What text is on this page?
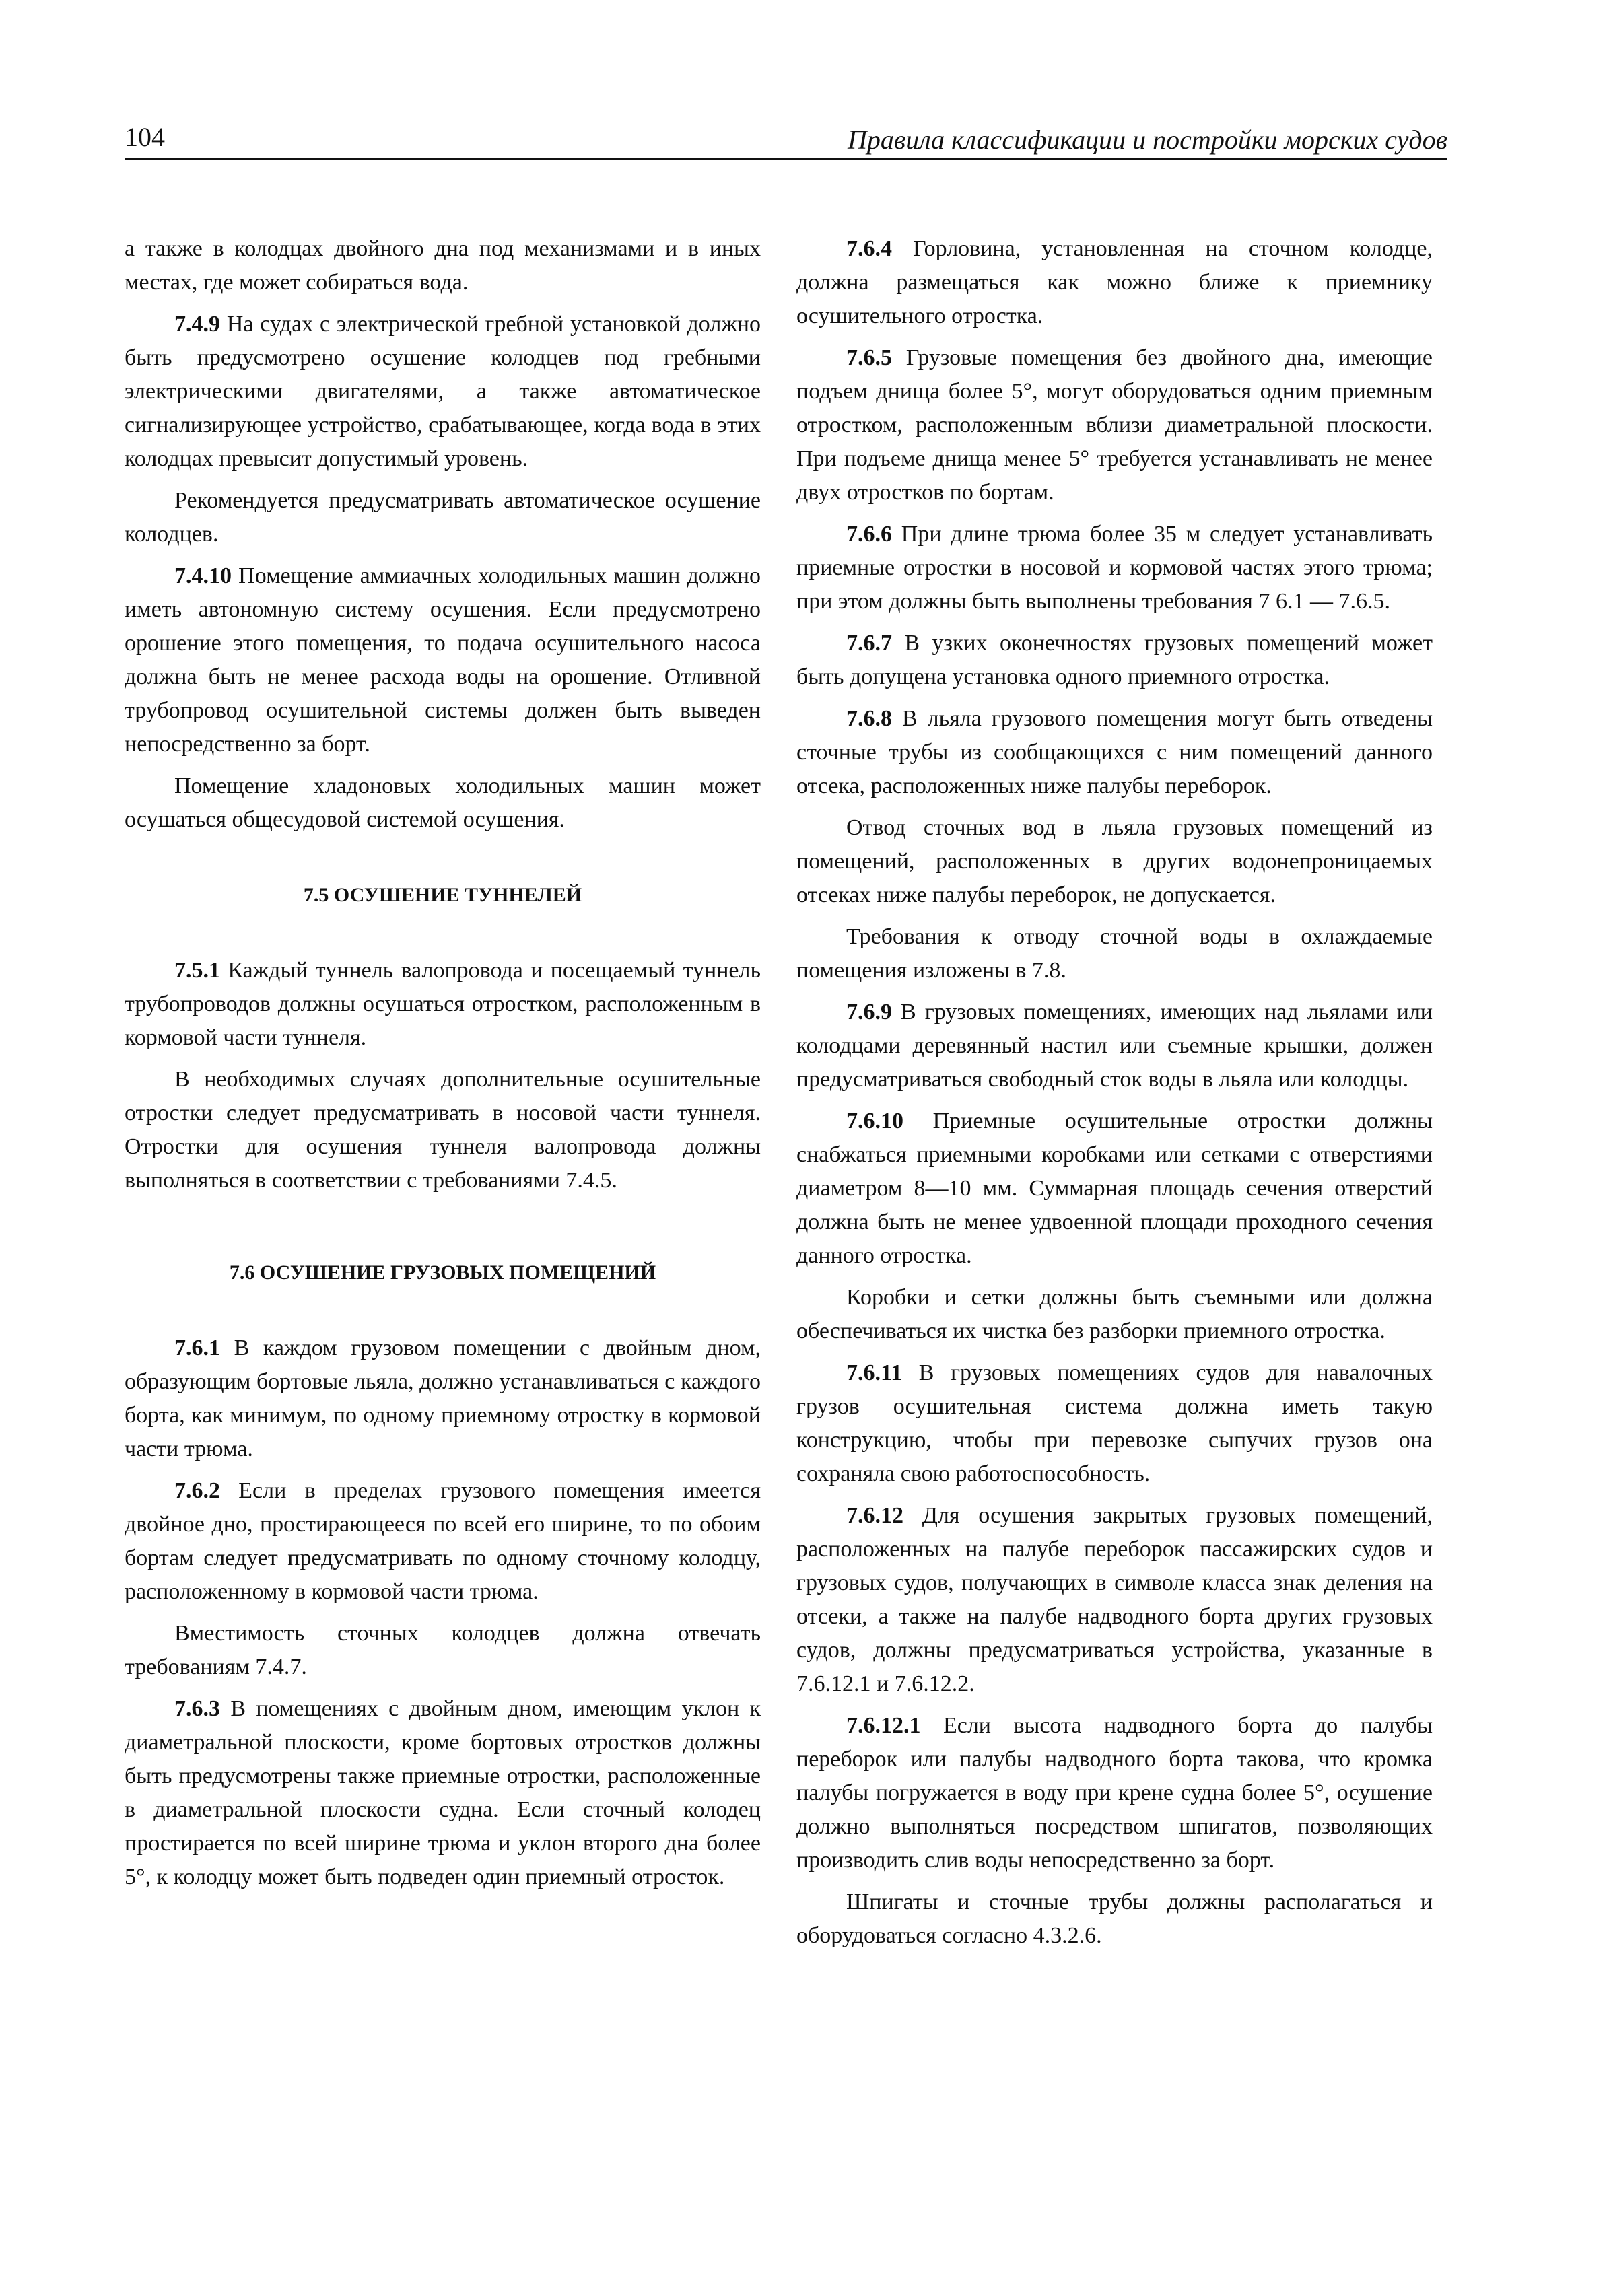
104	Правила классификации и постройки морских судов

а также в колодцах двойного дна под механизмами и в иных местах, где может собираться вода.

7.4.9 На судах с электрической гребной установкой должно быть предусмотрено осушение колодцев под гребными электрическими двигателями, а также автоматическое сигнализирующее устройство, срабатывающее, когда вода в этих колодцах превысит допустимый уровень.

Рекомендуется предусматривать автоматическое осушение колодцев.

7.4.10 Помещение аммиачных холодильных машин должно иметь автономную систему осушения. Если предусмотрено орошение этого помещения, то подача осушительного насоса должна быть не менее расхода воды на орошение. Отливной трубопровод осушительной системы должен быть выведен непосредственно за борт.

Помещение хладоновых холодильных машин может осушаться общесудовой системой осушения.

7.5 ОСУШЕНИЕ ТУННЕЛЕЙ

7.5.1 Каждый туннель валопровода и посещаемый туннель трубопроводов должны осушаться отростком, расположенным в кормовой части туннеля.

В необходимых случаях дополнительные осушительные отростки следует предусматривать в носовой части туннеля. Отростки для осушения туннеля валопровода должны выполняться в соответствии с требованиями 7.4.5.

7.6 ОСУШЕНИЕ ГРУЗОВЫХ ПОМЕЩЕНИЙ

7.6.1 В каждом грузовом помещении с двойным дном, образующим бортовые льяла, должно устанавливаться с каждого борта, как минимум, по одному приемному отростку в кормовой части трюма.

7.6.2 Если в пределах грузового помещения имеется двойное дно, простирающееся по всей его ширине, то по обоим бортам следует предусматривать по одному сточному колодцу, расположенному в кормовой части трюма.

Вместимость сточных колодцев должна отвечать требованиям 7.4.7.

7.6.3 В помещениях с двойным дном, имеющим уклон к диаметральной плоскости, кроме бортовых отростков должны быть предусмотрены также приемные отростки, расположенные в диаметральной плоскости судна. Если сточный колодец простирается по всей ширине трюма и уклон второго дна более 5°, к колодцу может быть подведен один приемный отросток.

7.6.4 Горловина, установленная на сточном колодце, должна размещаться как можно ближе к приемнику осушительного отростка.

7.6.5 Грузовые помещения без двойного дна, имеющие подъем днища более 5°, могут оборудоваться одним приемным отростком, расположенным вблизи диаметральной плоскости. При подъеме днища менее 5° требуется устанавливать не менее двух отростков по бортам.

7.6.6 При длине трюма более 35 м следует устанавливать приемные отростки в носовой и кормовой частях этого трюма; при этом должны быть выполнены требования 7 6.1 — 7.6.5.

7.6.7 В узких оконечностях грузовых помещений может быть допущена установка одного приемного отростка.

7.6.8 В льяла грузового помещения могут быть отведены сточные трубы из сообщающихся с ним помещений данного отсека, расположенных ниже палубы переборок.

Отвод сточных вод в льяла грузовых помещений из помещений, расположенных в других водонепроницаемых отсеках ниже палубы переборок, не допускается.

Требования к отводу сточной воды в охлаждаемые помещения изложены в 7.8.

7.6.9 В грузовых помещениях, имеющих над льялами или колодцами деревянный настил или съемные крышки, должен предусматриваться свободный сток воды в льяла или колодцы.

7.6.10 Приемные осушительные отростки должны снабжаться приемными коробками или сетками с отверстиями диаметром 8—10 мм. Суммарная площадь сечения отверстий должна быть не менее удвоенной площади проходного сечения данного отростка.

Коробки и сетки должны быть съемными или должна обеспечиваться их чистка без разборки приемного отростка.

7.6.11 В грузовых помещениях судов для навалочных грузов осушительная система должна иметь такую конструкцию, чтобы при перевозке сыпучих грузов она сохраняла свою работоспособность.

7.6.12 Для осушения закрытых грузовых помещений, расположенных на палубе переборок пассажирских судов и грузовых судов, получающих в символе класса знак деления на отсеки, а также на палубе надводного борта других грузовых судов, должны предусматриваться устройства, указанные в 7.6.12.1 и 7.6.12.2.

7.6.12.1 Если высота надводного борта до палубы переборок или палубы надводного борта такова, что кромка палубы погружается в воду при крене судна более 5°, осушение должно выполняться посредством шпигатов, позволяющих производить слив воды непосредственно за борт.

Шпигаты и сточные трубы должны располагаться и оборудоваться согласно 4.3.2.6.
